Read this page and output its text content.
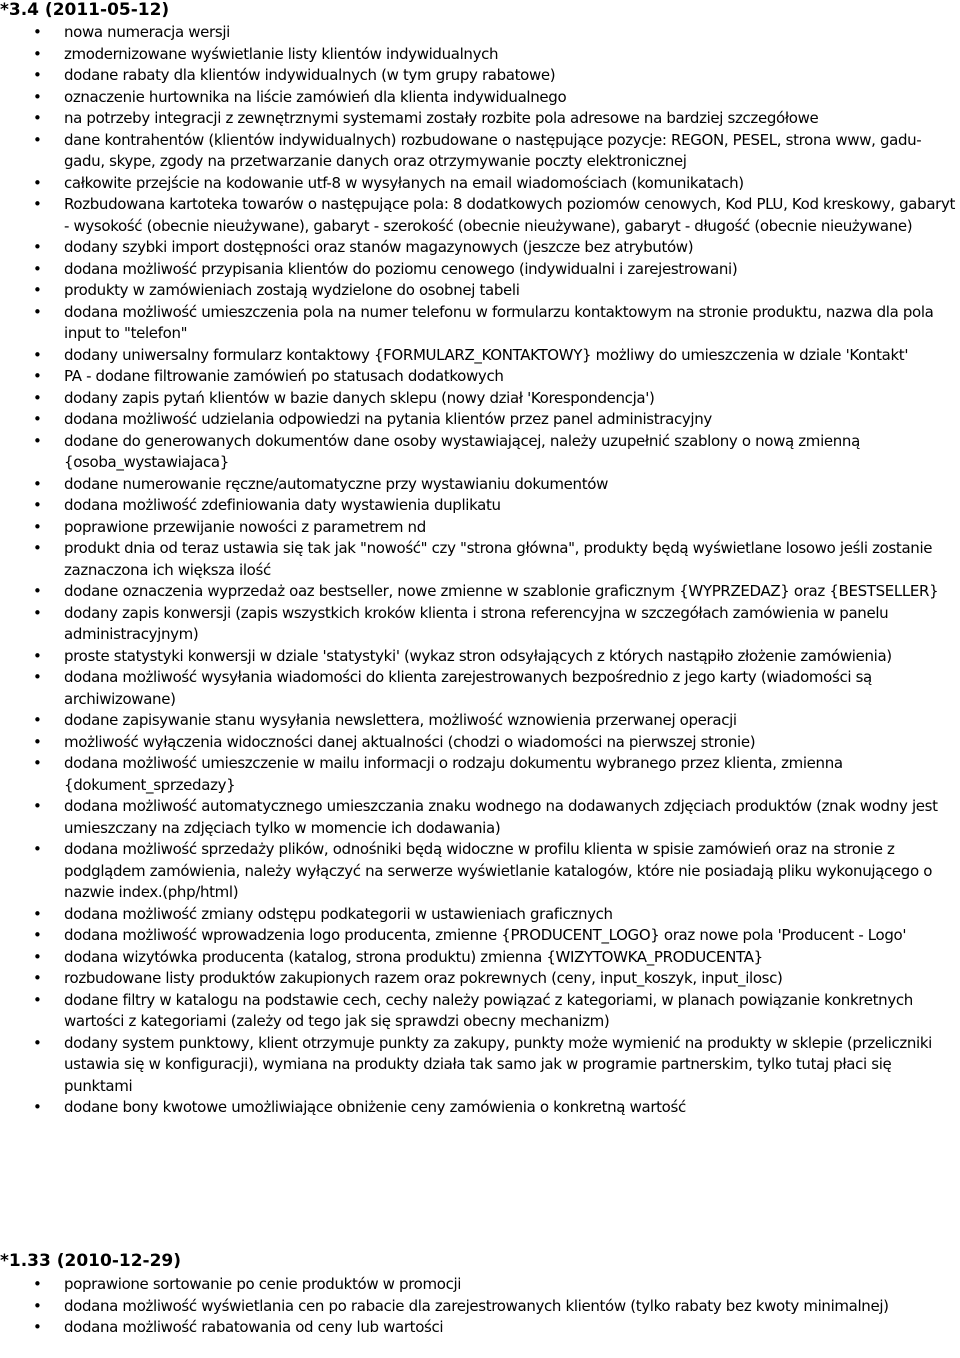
*3.4 (2011-05-12)
• nowa numeracja wersji
• zmodernizowane wyświetlanie listy klientów indywidualnych
• dodane rabaty dla klientów indywidualnych (w tym grupy rabatowe)
• oznaczenie hurtownika na liście zamówień dla klienta indywidualnego
• na potrzeby integracji z zewnętrznymi systemami zostały rozbite pola adresowe na bardziej szczegółowe
• dane kontrahentów (klientów indywidualnych) rozbudowane o następujące pozycje: REGON, PESEL, strona www, gadu-gadu, skype, zgody na przetwarzanie danych oraz otrzymywanie poczty elektronicznej
• całkowite przejście na kodowanie utf-8 w wysyłanych na email wiadomościach (komunikatach)
• Rozbudowana kartoteka towarów o następujące pola: 8 dodatkowych poziomów cenowych, Kod PLU, Kod kreskowy, gabaryt - wysokość (obecnie nieużywane), gabaryt - szerokość (obecnie nieużywane), gabaryt - długość (obecnie nieużywane)
• dodany szybki import dostępności oraz stanów magazynowych (jeszcze bez atrybutów)
• dodana możliwość przypisania klientów do poziomu cenowego (indywidualni i zarejestrowani)
• produkty w zamówieniach zostają wydzielone do osobnej tabeli
• dodana możliwość umieszczenia pola na numer telefonu w formularzu kontaktowym na stronie produktu, nazwa dla pola input to "telefon"
• dodany uniwersalny formularz kontaktowy {FORMULARZ_KONTAKTOWY} możliwy do umieszczenia w dziale 'Kontakt'
• PA - dodane filtrowanie zamówień po statusach dodatkowych
• dodany zapis pytań klientów w bazie danych sklepu (nowy dział 'Korespondencja')
• dodana możliwość udzielania odpowiedzi na pytania klientów przez panel administracyjny
• dodane do generowanych dokumentów dane osoby wystawiającej, należy uzupełnić szablony o nową zmienną {osoba_wystawiajaca}
• dodane numerowanie ręczne/automatyczne przy wystawianiu dokumentów
• dodana możliwość zdefiniowania daty wystawienia duplikatu
• poprawione przewijanie nowości z parametrem nd
• produkt dnia od teraz ustawia się tak jak "nowość" czy "strona główna", produkty będą wyświetlane losowo jeśli zostanie zaznaczona ich większa ilość
• dodane oznaczenia wyprzedaż oaz bestseller, nowe zmienne w szablonie graficznym {WYPRZEDAZ} oraz {BESTSELLER}
• dodany zapis konwersji (zapis wszystkich kroków klienta i strona referencyjna w szczegółach zamówienia w panelu administracyjnym)
• proste statystyki konwersji w dziale 'statystyki' (wykaz stron odsyłających z których nastąpiło złożenie zamówienia)
• dodana możliwość wysyłania wiadomości do klienta zarejestrowanych bezpośrednio z jego karty (wiadomości są archiwizowane)
• dodane zapisywanie stanu wysyłania newslettera, możliwość wznowienia przerwanej operacji
• możliwość wyłączenia widoczności danej aktualności (chodzi o wiadomości na pierwszej stronie)
• dodana możliwość umieszczenie w mailu informacji o rodzaju dokumentu wybranego przez klienta, zmienna {dokument_sprzedazy}
• dodana możliwość automatycznego umieszczania znaku wodnego na dodawanych zdjęciach produktów (znak wodny jest umieszczany na zdjęciach tylko w momencie ich dodawania)
• dodana możliwość sprzedaży plików, odnośniki będą widoczne w profilu klienta w spisie zamówień oraz na stronie z podglądem zamówienia, należy wyłączyć na serwerze wyświetlanie katalogów, które nie posiadają pliku wykonującego o nazwie index.(php/html)
• dodana możliwość zmiany odstępu podkategorii w ustawieniach graficznych
• dodana możliwość wprowadzenia logo producenta, zmienne {PRODUCENT_LOGO} oraz nowe pola 'Producent - Logo'
• dodana wizytówka producenta (katalog, strona produktu) zmienna {WIZYTOWKA_PRODUCENTA}
• rozbudowane listy produktów zakupionych razem oraz pokrewnych (ceny, input_koszyk, input_ilosc)
• dodane filtry w katalogu na podstawie cech, cechy należy powiązać z kategoriami, w planach powiązanie konkretnych wartości z kategoriami (zależy od tego jak się sprawdzi obecny mechanizm)
• dodany system punktowy, klient otrzymuje punkty za zakupy, punkty może wymienić na produkty w sklepie (przeliczniki ustawia się w konfiguracji), wymiana na produkty działa tak samo jak w programie partnerskim, tylko tutaj płaci się punktami
• dodane bony kwotowe umożliwiające obniżenie ceny zamówienia o konkretną wartość
*1.33 (2010-12-29)
• poprawione sortowanie po cenie produktów w promocji
• dodana możliwość wyświetlania cen po rabacie dla zarejestrowanych klientów (tylko rabaty bez kwoty minimalnej)
• dodana możliwość rabatowania od ceny lub wartości
